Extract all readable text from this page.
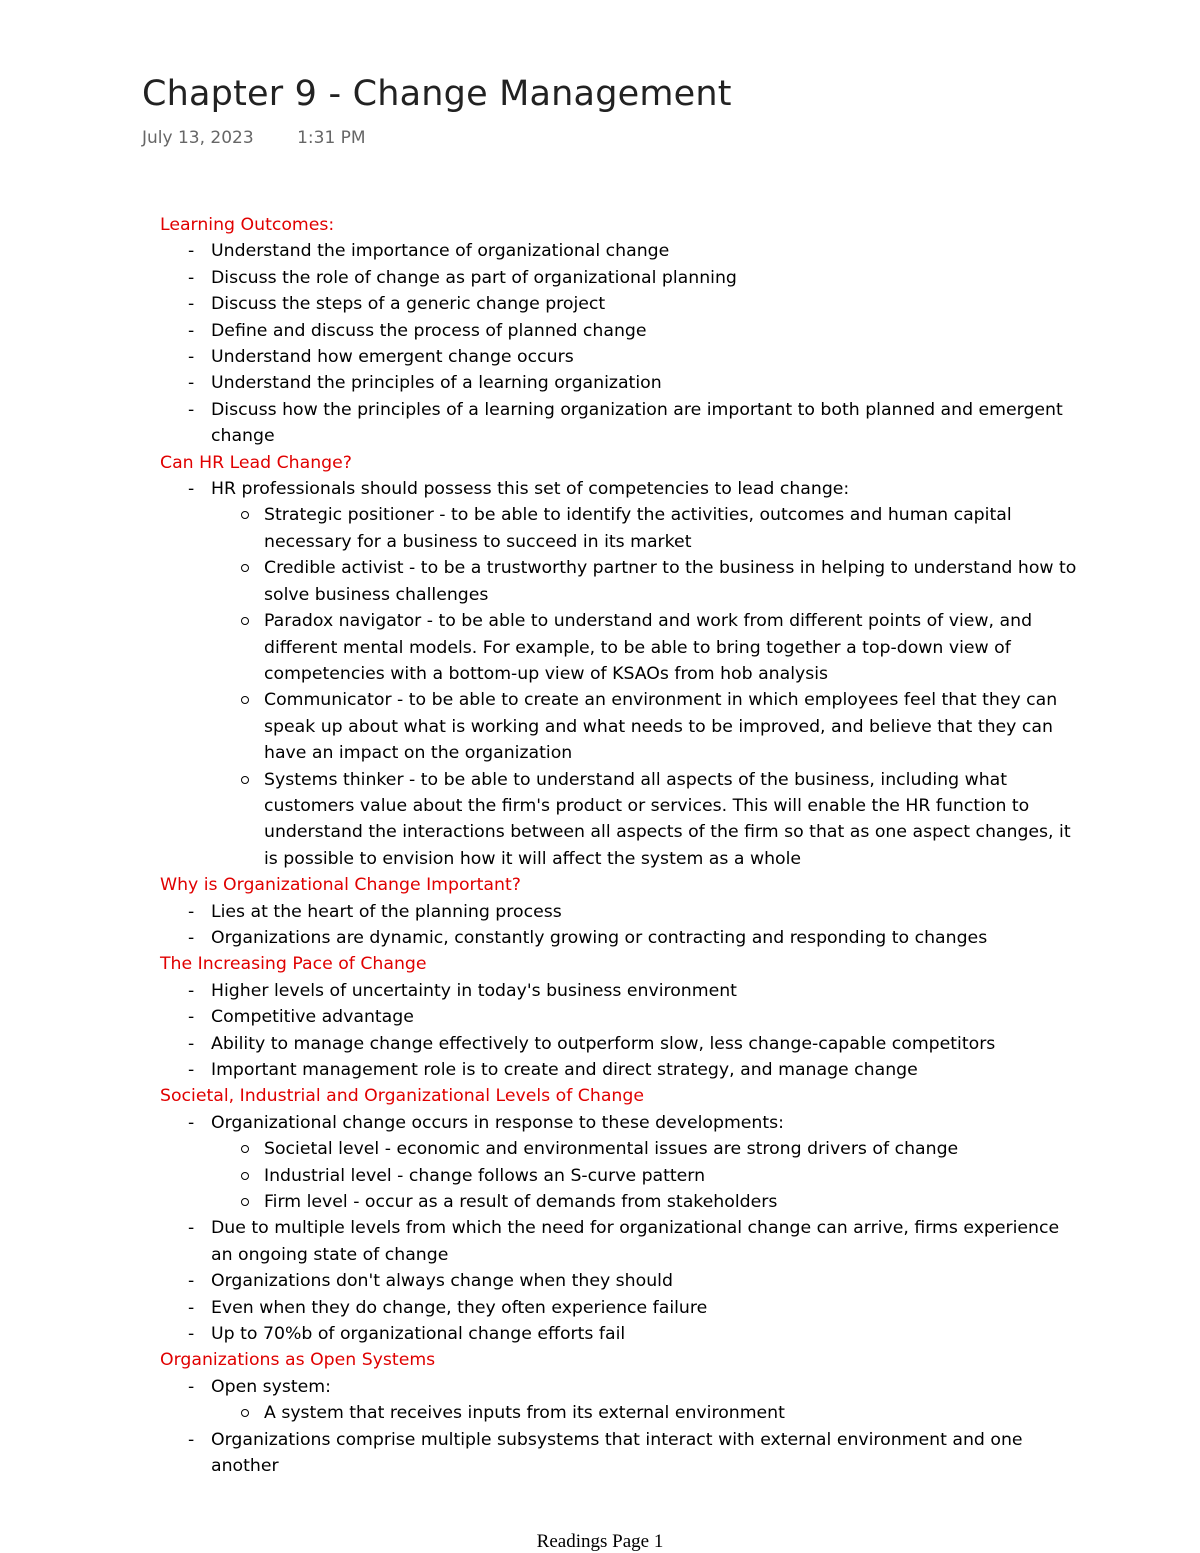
Chapter 9 - Change Management
July 13, 2023	1:31 PM
Learning Outcomes:
- Understand the importance of organizational change
- Discuss the role of change as part of organizational planning
- Discuss the steps of a generic change project
- Define and discuss the process of planned change
- Understand how emergent change occurs
- Understand the principles of a learning organization
- Discuss how the principles of a learning organization are important to both planned and emergent change
Can HR Lead Change?
- HR professionals should possess this set of competencies to lead change:
Strategic positioner - to be able to identify the activities, outcomes and human capital necessary for a business to succeed in its market
Credible activist - to be a trustworthy partner to the business in helping to understand how to solve business challenges
Paradox navigator - to be able to understand and work from different points of view, and different mental models. For example, to be able to bring together a top-down view of competencies with a bottom-up view of KSAOs from hob analysis
Communicator - to be able to create an environment in which employees feel that they can speak up about what is working and what needs to be improved, and believe that they can have an impact on the organization
Systems thinker - to be able to understand all aspects of the business, including what customers value about the firm's product or services. This will enable the HR function to understand the interactions between all aspects of the firm so that as one aspect changes, it is possible to envision how it will affect the system as a whole
Why is Organizational Change Important?
- Lies at the heart of the planning process
- Organizations are dynamic, constantly growing or contracting and responding to changes
The Increasing Pace of Change
- Higher levels of uncertainty in today's business environment
- Competitive advantage
- Ability to manage change effectively to outperform slow, less change-capable competitors
- Important management role is to create and direct strategy, and manage change
Societal, Industrial and Organizational Levels of Change
- Organizational change occurs in response to these developments:
Societal level - economic and environmental issues are strong drivers of change
Industrial level - change follows an S-curve pattern
Firm level - occur as a result of demands from stakeholders
- Due to multiple levels from which the need for organizational change can arrive, firms experience an ongoing state of change
- Organizations don't always change when they should
- Even when they do change, they often experience failure
- Up to 70%b of organizational change efforts fail
Organizations as Open Systems
- Open system:
A system that receives inputs from its external environment
- Organizations comprise multiple subsystems that interact with external environment and one another
Readings Page 1
